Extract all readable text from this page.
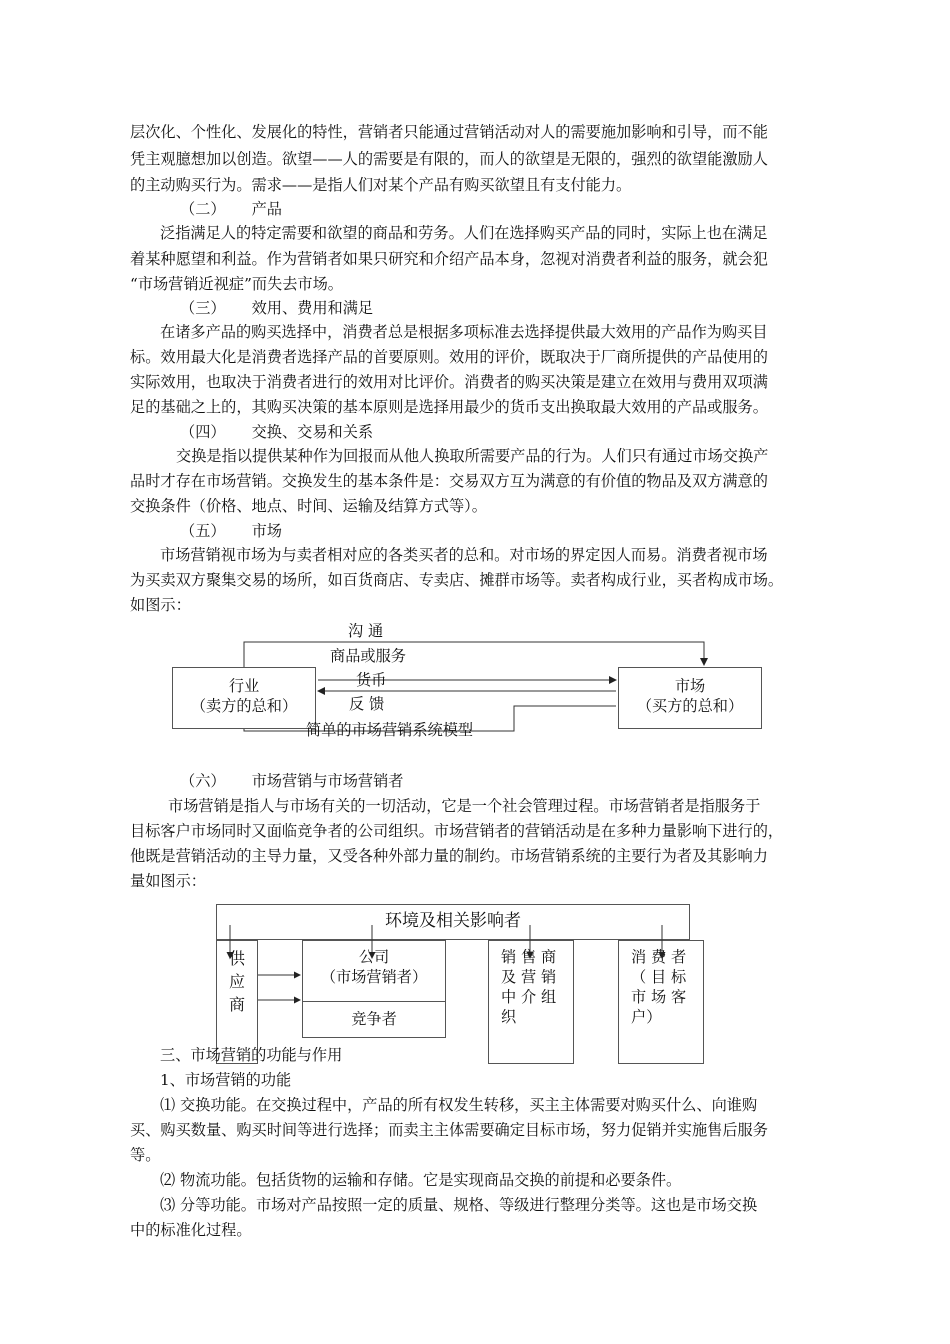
层次化、个性化、发展化的特性，营销者只能通过营销活动对人的需要施加影响和引导，而不能
凭主观臆想加以创造。欲望——人的需要是有限的，而人的欲望是无限的，强烈的欲望能激励人
的主动购买行为。需求——是指人们对某个产品有购买欲望且有支付能力。
（二） 产品
泛指满足人的特定需要和欲望的商品和劳务。人们在选择购买产品的同时，实际上也在满足
着某种愿望和利益。作为营销者如果只研究和介绍产品本身，忽视对消费者利益的服务，就会犯
“市场营销近视症”而失去市场。
（三） 效用、费用和满足
在诸多产品的购买选择中，消费者总是根据多项标准去选择提供最大效用的产品作为购买目
标。效用最大化是消费者选择产品的首要原则。效用的评价，既取决于厂商所提供的产品使用的
实际效用，也取决于消费者进行的效用对比评价。消费者的购买决策是建立在效用与费用双项满
足的基础之上的，其购买决策的基本原则是选择用最少的货币支出换取最大效用的产品或服务。
（四） 交换、交易和关系
交换是指以提供某种作为回报而从他人换取所需要产品的行为。人们只有通过市场交换产
品时才存在市场营销。交换发生的基本条件是：交易双方互为满意的有价值的物品及双方满意的
交换条件（价格、地点、时间、运输及结算方式等）。
（五） 市场
市场营销视市场为与卖者相对应的各类买者的总和。对市场的界定因人而易。消费者视市场
为买卖双方聚集交易的场所，如百货商店、专卖店、摊群市场等。卖者构成行业，买者构成市场。
如图示：
行业
（卖方的总和）
市场
（买方的总和）
沟 通
商品或服务
货币
反 馈
简单的市场营销系统模型
（六） 市场营销与市场营销者
市场营销是指人与市场有关的一切活动，它是一个社会管理过程。市场营销者是指服务于
目标客户市场同时又面临竞争者的公司组织。市场营销者的营销活动是在多种力量影响下进行的，
他既是营销活动的主导力量，又受各种外部力量的制约。市场营销系统的主要行为者及其影响力
量如图示：
环境及相关影响者
供
应
商
公司
（市场营销者）
竞争者
销 售 商
及 营 销
中 介 组
织
消 费 者
（ 目 标
市 场 客
户）
三、市场营销的功能与作用
1、市场营销的功能
⑴ 交换功能。在交换过程中，产品的所有权发生转移，买主主体需要对购买什么、向谁购
买、购买数量、购买时间等进行选择；而卖主主体需要确定目标市场，努力促销并实施售后服务
等。
⑵ 物流功能。包括货物的运输和存储。它是实现商品交换的前提和必要条件。
⑶ 分等功能。市场对产品按照一定的质量、规格、等级进行整理分类等。这也是市场交换
中的标准化过程。
